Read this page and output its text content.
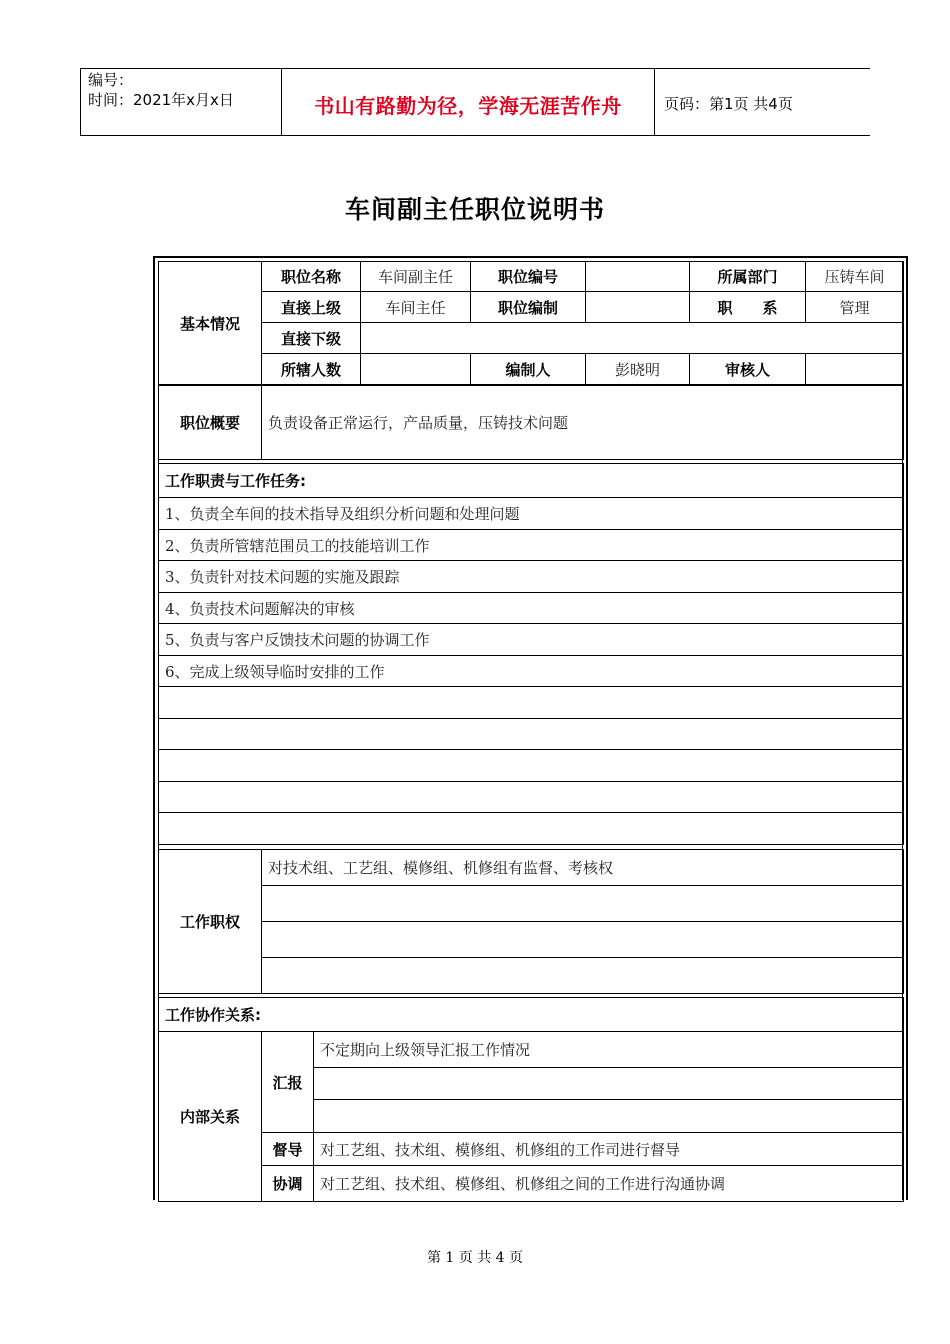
编号：
时间：2021年x月x日	书山有路勤为径，学海无涯苦作舟	页码：第1页 共4页
车间副主任职位说明书
基本情况	职位名称	车间副主任	职位编号		所属部门	压铸车间
	直接上级	车间主任	职位编制		职　　系	管理
	直接下级					
	所辖人数		编制人	彭晓明	审核人	
职位概要	负责设备正常运行，产品质量，压铸技术问题
工作职责与工作任务:
1、负责全车间的技术指导及组织分析问题和处理问题
2、负责所管辖范围员工的技能培训工作
3、负责针对技术问题的实施及跟踪
4、负责技术问题解决的审核
5、负责与客户反馈技术问题的协调工作
6、完成上级领导临时安排的工作

工作职权	对技术组、工艺组、模修组、机修组有监督、考核权

工作协作关系:		
内部关系	汇报	不定期向上级领导汇报工作情况

	督导	对工艺组、技术组、模修组、机修组的工作司进行督导
	协调	对工艺组、技术组、模修组、机修组之间的工作进行沟通协调
第 1 页 共 4 页
